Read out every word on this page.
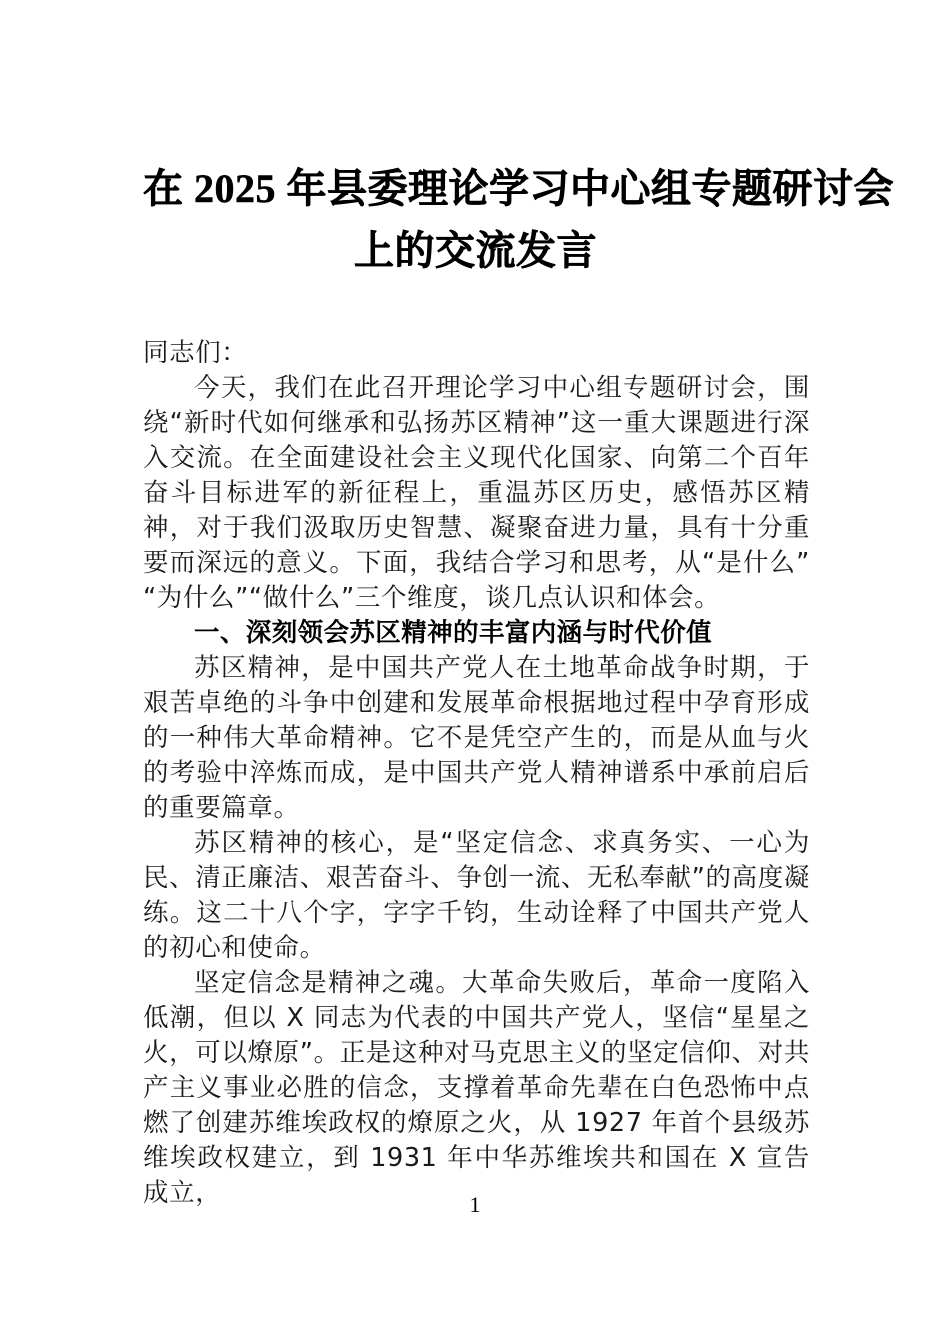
在 2025 年县委理论学习中心组专题研讨会
上的交流发言

同志们：

今天，我们在此召开理论学习中心组专题研讨会，围绕“新时代如何继承和弘扬苏区精神”这一重大课题进行深入交流。在全面建设社会主义现代化国家、向第二个百年奋斗目标进军的新征程上，重温苏区历史，感悟苏区精神，对于我们汲取历史智慧、凝聚奋进力量，具有十分重要而深远的意义。下面，我结合学习和思考，从“是什么”“为什么”“做什么”三个维度，谈几点认识和体会。

一、深刻领会苏区精神的丰富内涵与时代价值

苏区精神，是中国共产党人在土地革命战争时期，于艰苦卓绝的斗争中创建和发展革命根据地过程中孕育形成的一种伟大革命精神。它不是凭空产生的，而是从血与火的考验中淬炼而成，是中国共产党人精神谱系中承前启后的重要篇章。

苏区精神的核心，是“坚定信念、求真务实、一心为民、清正廉洁、艰苦奋斗、争创一流、无私奉献”的高度凝练。这二十八个字，字字千钧，生动诠释了中国共产党人的初心和使命。

坚定信念是精神之魂。大革命失败后，革命一度陷入低潮，但以 X 同志为代表的中国共产党人，坚信“星星之火，可以燎原”。正是这种对马克思主义的坚定信仰、对共产主义事业必胜的信念，支撑着革命先辈在白色恐怖中点燃了创建苏维埃政权的燎原之火，从 1927 年首个县级苏维埃政权建立，到 1931 年中华苏维埃共和国在 X 宣告成立，	1
